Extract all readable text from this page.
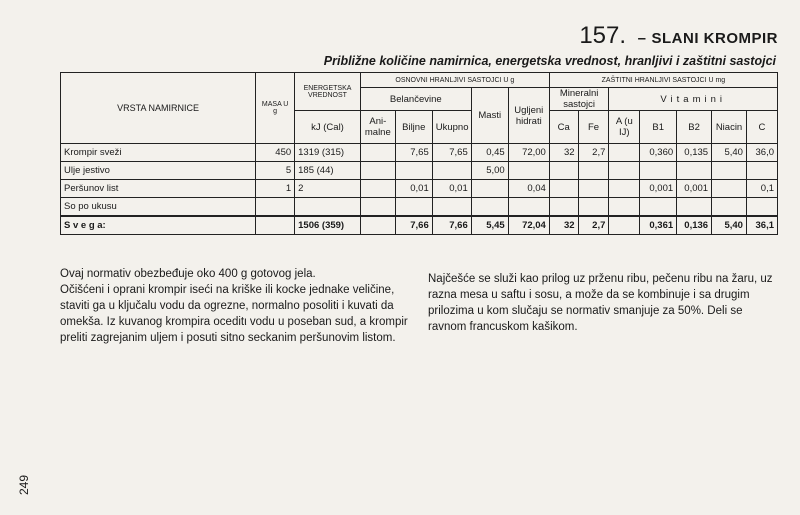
157. – SLANI KROMPIR
Približne količine namirnica, energetska vrednost, hranljivi i zaštitni sastojci
VRSTA NAMIRNICE	MASA U g	ENERGETSKA VREDNOST	OSNOVNI HRANLJIVI SASTOJCI U g					ZAŠTITNI HRANLJIVI SASTOJCI U mg						
			Belančevine			Masti	Ugljeni hidrati	Mineralni sastojci		Vitamini				
		kJ (Cal)	Ani-malne	Biljne	Ukupno			Ca	Fe	A (u IJ)	B1	B2	Niacin	C
Krompir sveži	450	1319 (315)		7,65	7,65	0,45	72,00	32	2,7		0,360	0,135	5,40	36,0
Ulje jestivo	5	185 (44)				5,00								
Peršunov list	1	2		0,01	0,01		0,04				0,001	0,001		0,1
So po ukusu														
S v e g a:		1506 (359)		7,66	7,66	5,45	72,04	32	2,7		0,361	0,136	5,40	36,1

Ovaj normativ obezbeđuje oko 400 g gotovog jela.

Očišćeni i oprani krompir iseći na kriške ili kocke jednake veličine, staviti ga u ključalu vodu da ogrezne, normalno posoliti i kuvati da omekša. Iz kuvanog krompira oceditι vodu u poseban sud, a krompir preliti zagrejanim uljem i posuti sitno seckanim peršunovim listom.

Najčešće se služi kao prilog uz prženu ribu, pečenu ribu na žaru, uz razna mesa u saftu i sosu, a može da se kombinuje i sa drugim prilozima u kom slučaju se normativ smanjuje za 50%. Deli se ravnom francuskom kašikom.

249
